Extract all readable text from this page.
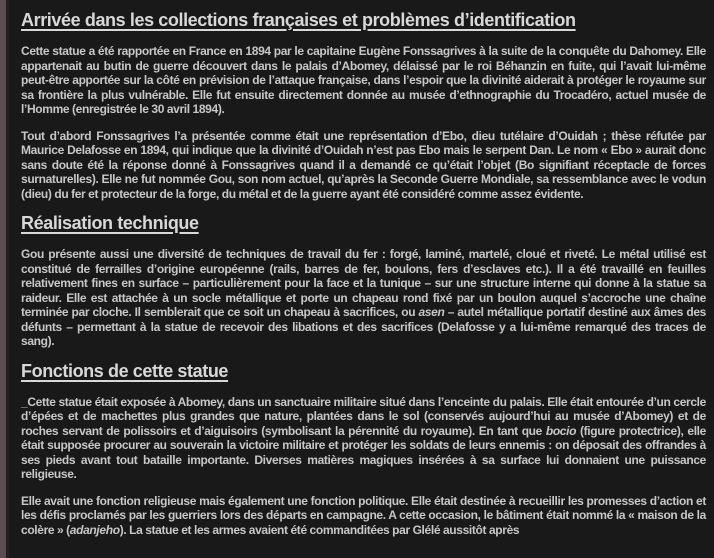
Arrivée dans les collections françaises et problèmes d’identification

Cette statue a été rapportée en France en 1894 par le capitaine Eugène Fonssagrives à la suite de la conquête du Dahomey. Elle appartenait au butin de guerre découvert dans le palais d’Abomey, délaissé par le roi Béhanzin en fuite, qui l’avait lui-même peut-être apportée sur la côté en prévision de l’attaque française, dans l’espoir que la divinité aiderait à protéger le royaume sur sa frontière la plus vulnérable. Elle fut ensuite directement donnée au musée d’ethnographie du Trocadéro, actuel musée de l’Homme (enregistrée le 30 avril 1894).

Tout d’abord Fonssagrives l’a présentée comme était une représentation d’Ebo, dieu tutélaire d’Ouidah ; thèse réfutée par Maurice Delafosse en 1894, qui indique que la divinité d’Ouidah n’est pas Ebo mais le serpent Dan. Le nom « Ebo » aurait donc sans doute été la réponse donné à Fonssagrives quand il a demandé ce qu’était l’objet (Bo signifiant réceptacle de forces surnaturelles). Elle ne fut nommée Gou, son nom actuel, qu’après la Seconde Guerre Mondiale, sa ressemblance avec le vodun (dieu) du fer et protecteur de la forge, du métal et de la guerre ayant été considéré comme assez évidente.

Réalisation technique

Gou présente aussi une diversité de techniques de travail du fer : forgé, laminé, martelé, cloué et riveté. Le métal utilisé est constitué de ferrailles d’origine européenne (rails, barres de fer, boulons, fers d’esclaves etc.). Il a été travaillé en feuilles relativement fines en surface – particulièrement pour la face et la tunique – sur une structure interne qui donne à la statue sa raideur. Elle est attachée à un socle métallique et porte un chapeau rond fixé par un boulon auquel s’accroche une chaîne terminée par cloche. Il semblerait que ce soit un chapeau à sacrifices, ou asen – autel métallique portatif destiné aux âmes des défunts – permettant à la statue de recevoir des libations et des sacrifices (Delafosse y a lui-même remarqué des traces de sang).

Fonctions de cette statue

_Cette statue était exposée à Abomey, dans un sanctuaire militaire situé dans l’enceinte du palais. Elle était entourée d’un cercle d’épées et de machettes plus grandes que nature, plantées dans le sol (conservés aujourd’hui au musée d’Abomey) et de roches servant de polissoirs et d’aiguisoirs (symbolisant la pérennité du royaume). En tant que bocio (figure protectrice), elle était supposée procurer au souverain la victoire militaire et protéger les soldats de leurs ennemis : on déposait des offrandes à ses pieds avant tout bataille importante. Diverses matières magiques insérées à sa surface lui donnaient une puissance religieuse.

Elle avait une fonction religieuse mais également une fonction politique. Elle était destinée à recueillir les promesses d’action et les défis proclamés par les guerriers lors des départs en campagne. A cette occasion, le bâtiment était nommé la « maison de la colère » (adanjeho). La statue et les armes avaient été commanditées par Glélé aussitôt après
